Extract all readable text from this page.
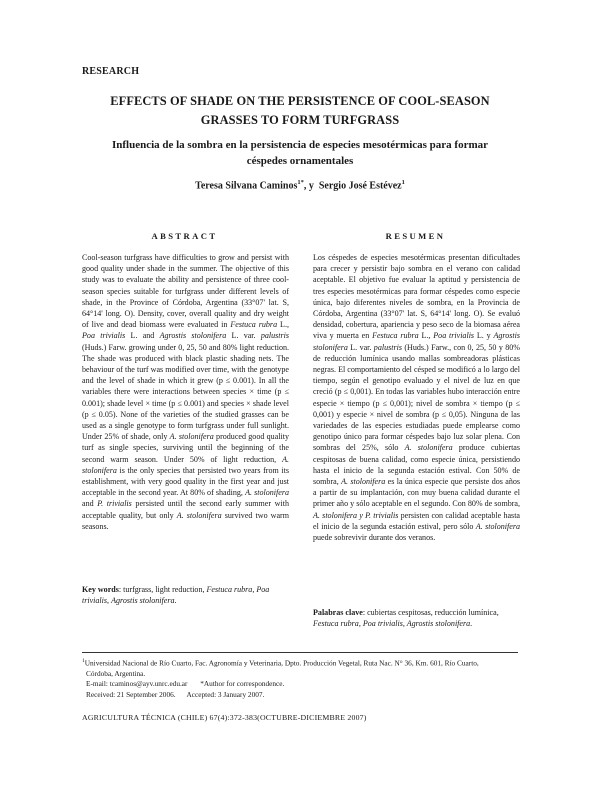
RESEARCH
EFFECTS OF SHADE ON THE PERSISTENCE OF COOL-SEASON
GRASSES TO FORM TURFGRASS
Influencia de la sombra en la persistencia de especies mesotérmicas para formar
céspedes ornamentales
Teresa Silvana Caminos$^{1*}$, y Sergio José Estévez$^1$
ABSTRACT	RESUMEN

Cool-season turfgrass have difficulties to grow and persist with good quality under shade in the summer. The objective of this study was to evaluate the ability and persistence of three cool-season species suitable for turfgrass under different levels of shade, in the Province of Córdoba, Argentina (33°07' lat. S, 64°14' long. O). Density, cover, overall quality and dry weight of live and dead biomass were evaluated in Festuca rubra L., Poa trivialis L. and Agrostis stolonifera L. var. palustris (Huds.) Farw. growing under 0, 25, 50 and 80% light reduction. The shade was produced with black plastic shading nets. The behaviour of the turf was modified over time, with the genotype and the level of shade in which it grew (p ≤ 0.001). In all the variables there were interactions between species × time (p ≤ 0.001); shade level × time (p ≤ 0.001) and species × shade level (p ≤ 0.05). None of the varieties of the studied grasses can be used as a single genotype to form turfgrass under full sunlight. Under 25% of shade, only A. stolonifera produced good quality turf as single species, surviving until the beginning of the second warm season. Under 50% of light reduction, A. stolonifera is the only species that persisted two years from its establishment, with very good quality in the first year and just acceptable in the second year. At 80% of shading, A. stolonifera and P. trivialis persisted until the second early summer with acceptable quality, but only A. stolonifera survived two warm seasons.

Key words: turfgrass, light reduction, Festuca rubra, Poa trivialis, Agrostis stolonifera.

Los céspedes de especies mesotérmicas presentan dificultades para crecer y persistir bajo sombra en el verano con calidad aceptable. El objetivo fue evaluar la aptitud y persistencia de tres especies mesotérmicas para formar céspedes como especie única, bajo diferentes niveles de sombra, en la Provincia de Córdoba, Argentina (33°07' lat. S, 64°14' long. O). Se evaluó densidad, cobertura, apariencia y peso seco de la biomasa aérea viva y muerta en Festuca rubra L., Poa trivialis L. y Agrostis stolonifera L. var. palustris (Huds.) Farw., con 0, 25, 50 y 80% de reducción lumínica usando mallas sombreadoras plásticas negras. El comportamiento del césped se modificó a lo largo del tiempo, según el genotipo evaluado y el nivel de luz en que creció (p ≤ 0,001). En todas las variables hubo interacción entre especie × tiempo (p ≤ 0,001); nivel de sombra × tiempo (p ≤ 0,001) y especie × nivel de sombra (p ≤ 0,05). Ninguna de las variedades de las especies estudiadas puede emplearse como genotipo único para formar céspedes bajo luz solar plena. Con sombras del 25%, sólo A. stolonifera produce cubiertas cespitosas de buena calidad, como especie única, persistiendo hasta el inicio de la segunda estación estival. Con 50% de sombra, A. stolonifera es la única especie que persiste dos años a partir de su implantación, con muy buena calidad durante el primer año y sólo aceptable en el segundo. Con 80% de sombra, A. stolonifera y P. trivialis persisten con calidad aceptable hasta el inicio de la segunda estación estival, pero sólo A. stolonifera puede sobrevivir durante dos veranos.

Palabras clave: cubiertas cespitosas, reducción lumínica, Festuca rubra, Poa trivialis, Agrostis stolonifera.
$^1$Universidad Nacional de Río Cuarto, Fac. Agronomía y Veterinaria, Dpto. Producción Vegetal, Ruta Nac. N° 36, Km. 601, Río Cuarto,
Córdoba, Argentina.
E-mail: tcaminos@ayv.unrc.edu.ar *Author for correspondence.
Received: 21 September 2006. Accepted: 3 January 2007.
AGRICULTURA TÉCNICA (CHILE) 67(4):372-383(OCTUBRE-DICIEMBRE 2007)
